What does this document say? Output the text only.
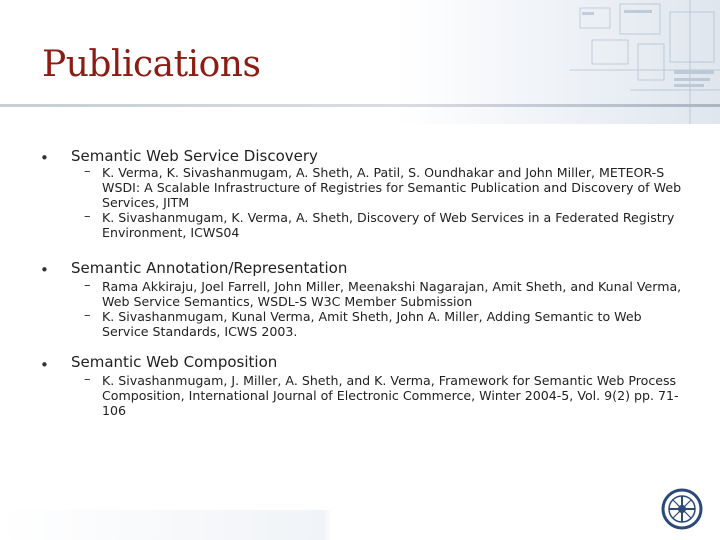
Publications
• Semantic Web Service Discovery
– K. Verma, K. Sivashanmugam, A. Sheth, A. Patil, S. Oundhakar and John Miller, METEOR-S WSDI: A Scalable Infrastructure of Registries for Semantic Publication and Discovery of Web Services, JITM
– K. Sivashanmugam, K. Verma, A. Sheth, Discovery of Web Services in a Federated Registry Environment, ICWS04
• Semantic Annotation/Representation
– Rama Akkiraju, Joel Farrell, John Miller, Meenakshi Nagarajan, Amit Sheth, and Kunal Verma, Web Service Semantics, WSDL-S W3C Member Submission
– K. Sivashanmugam, Kunal Verma, Amit Sheth, John A. Miller, Adding Semantic to Web Service Standards, ICWS 2003.
• Semantic Web Composition
– K. Sivashanmugam, J. Miller, A. Sheth, and K. Verma, Framework for Semantic Web Process Composition, International Journal of Electronic Commerce, Winter 2004-5, Vol. 9(2) pp. 71-106
